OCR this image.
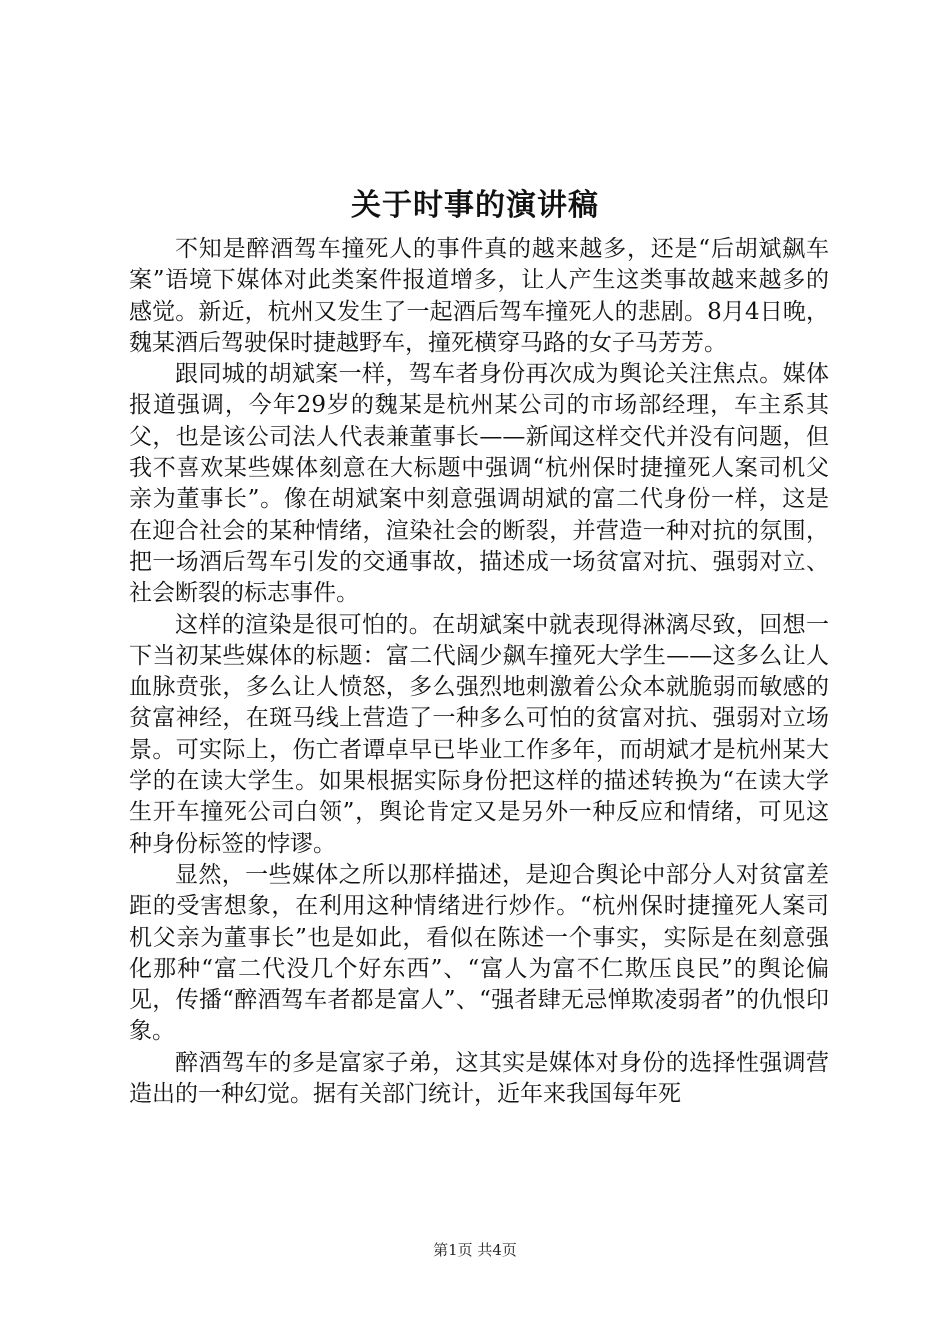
关于时事的演讲稿

不知是醉酒驾车撞死人的事件真的越来越多，还是“后胡斌飙车案”语境下媒体对此类案件报道增多，让人产生这类事故越来越多的感觉。新近，杭州又发生了一起酒后驾车撞死人的悲剧。8月4日晚，魏某酒后驾驶保时捷越野车，撞死横穿马路的女子马芳芳。

跟同城的胡斌案一样，驾车者身份再次成为舆论关注焦点。媒体报道强调，今年29岁的魏某是杭州某公司的市场部经理，车主系其父，也是该公司法人代表兼董事长——新闻这样交代并没有问题，但我不喜欢某些媒体刻意在大标题中强调“杭州保时捷撞死人案司机父亲为董事长”。像在胡斌案中刻意强调胡斌的富二代身份一样，这是在迎合社会的某种情绪，渲染社会的断裂，并营造一种对抗的氛围，把一场酒后驾车引发的交通事故，描述成一场贫富对抗、强弱对立、社会断裂的标志事件。

这样的渲染是很可怕的。在胡斌案中就表现得淋漓尽致，回想一下当初某些媒体的标题：富二代阔少飙车撞死大学生——这多么让人血脉贲张，多么让人愤怒，多么强烈地刺激着公众本就脆弱而敏感的贫富神经，在斑马线上营造了一种多么可怕的贫富对抗、强弱对立场景。可实际上，伤亡者谭卓早已毕业工作多年，而胡斌才是杭州某大学的在读大学生。如果根据实际身份把这样的描述转换为“在读大学生开车撞死公司白领”，舆论肯定又是另外一种反应和情绪，可见这种身份标签的悖谬。

显然，一些媒体之所以那样描述，是迎合舆论中部分人对贫富差距的受害想象，在利用这种情绪进行炒作。“杭州保时捷撞死人案司机父亲为董事长”也是如此，看似在陈述一个事实，实际是在刻意强化那种“富二代没几个好东西”、“富人为富不仁欺压良民”的舆论偏见，传播“醉酒驾车者都是富人”、“强者肆无忌惮欺凌弱者”的仇恨印象。

醉酒驾车的多是富家子弟，这其实是媒体对身份的选择性强调营造出的一种幻觉。据有关部门统计，近年来我国每年死

第1页 共4页
